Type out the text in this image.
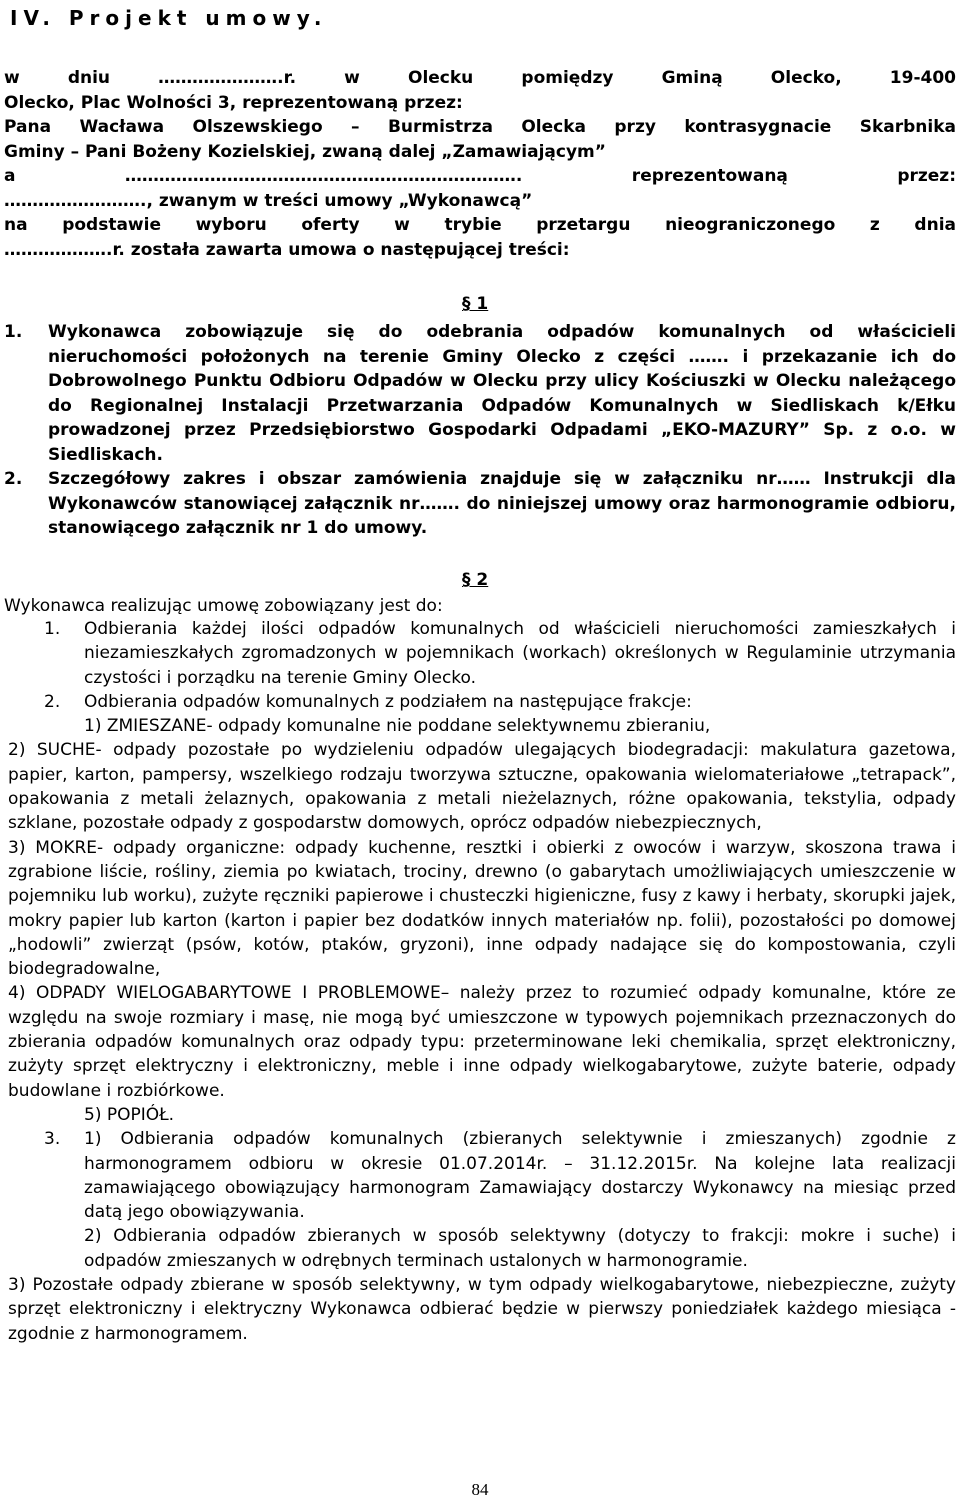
IV. Projekt umowy.
w dniu ………………….r. w Olecku pomiędzy Gminą Olecko, 19-400
Olecko, Plac Wolności 3, reprezentowaną przez:
Pana Wacława Olszewskiego – Burmistrza Olecka przy kontrasygnacie Skarbnika
Gminy – Pani Bożeny Kozielskiej, zwaną dalej „Zamawiającym”
a ……………………………………………………………. reprezentowaną przez:
……………………., zwanym w treści umowy „Wykonawcą”
na podstawie wyboru oferty w trybie przetargu nieograniczonego z dnia
……………….r. została zawarta umowa o następującej treści:
§ 1
1. Wykonawca zobowiązuje się do odebrania odpadów komunalnych od właścicieli nieruchomości położonych na terenie Gminy Olecko z części ……. i przekazanie ich do Dobrowolnego Punktu Odbioru Odpadów w Olecku przy ulicy Kościuszki w Olecku należącego do Regionalnej Instalacji Przetwarzania Odpadów Komunalnych w Siedliskach k/Ełku prowadzonej przez Przedsiębiorstwo Gospodarki Odpadami „EKO-MAZURY” Sp. z o.o. w Siedliskach.
2. Szczegółowy zakres i obszar zamówienia znajduje się w załączniku nr…… Instrukcji dla Wykonawców stanowiącej załącznik nr……. do niniejszej umowy oraz harmonogramie odbioru, stanowiącego załącznik nr 1 do umowy.
§ 2

Wykonawca realizując umowę zobowiązany jest do:

1. Odbierania każdej ilości odpadów komunalnych od właścicieli nieruchomości zamieszkałych i niezamieszkałych zgromadzonych w pojemnikach (workach) określonych w Regulaminie utrzymania czystości i porządku na terenie Gminy Olecko.
2. Odbierania odpadów komunalnych z podziałem na następujące frakcje:
1) ZMIESZANE- odpady komunalne nie poddane selektywnemu zbieraniu,
2) SUCHE- odpady pozostałe po wydzieleniu odpadów ulegających biodegradacji: makulatura gazetowa, papier, karton, pampersy, wszelkiego rodzaju tworzywa sztuczne, opakowania wielomateriałowe „tetrapack”, opakowania z metali żelaznych, opakowania z metali nieżelaznych, różne opakowania, tekstylia, odpady szklane, pozostałe odpady z gospodarstw domowych, oprócz odpadów niebezpiecznych,
3) MOKRE- odpady organiczne: odpady kuchenne, resztki i obierki z owoców i warzyw, skoszona trawa i zgrabione liście, rośliny, ziemia po kwiatach, trociny, drewno (o gabarytach umożliwiających umieszczenie w pojemniku lub worku), zużyte ręczniki papierowe i chusteczki higieniczne, fusy z kawy i herbaty, skorupki jajek, mokry papier lub karton (karton i papier bez dodatków innych materiałów np. folii), pozostałości po domowej „hodowli” zwierząt (psów, kotów, ptaków, gryzoni), inne odpady nadające się do kompostowania, czyli biodegradowalne,
4) ODPADY WIELOGABARYTOWE I PROBLEMOWE– należy przez to rozumieć odpady komunalne, które ze względu na swoje rozmiary i masę, nie mogą być umieszczone w typowych pojemnikach przeznaczonych do zbierania odpadów komunalnych oraz odpady typu: przeterminowane leki chemikalia, sprzęt elektroniczny, zużyty sprzęt elektryczny i elektroniczny, meble i inne odpady wielkogabarytowe, zużyte baterie, odpady budowlane i rozbiórkowe.
5) POPIÓŁ.
3. 1) Odbierania odpadów komunalnych (zbieranych selektywnie i zmieszanych) zgodnie z harmonogramem odbioru w okresie 01.07.2014r. – 31.12.2015r. Na kolejne lata realizacji zamawiającego obowiązujący harmonogram Zamawiający dostarczy Wykonawcy na miesiąc przed datą jego obowiązywania.
2) Odbierania odpadów zbieranych w sposób selektywny (dotyczy to frakcji: mokre i suche) i odpadów zmieszanych w odrębnych terminach ustalonych w harmonogramie.
3) Pozostałe odpady zbierane w sposób selektywny, w tym odpady wielkogabarytowe, niebezpieczne, zużyty sprzęt elektroniczny i elektryczny Wykonawca odbierać będzie w pierwszy poniedziałek każdego miesiąca - zgodnie z harmonogramem.
84
